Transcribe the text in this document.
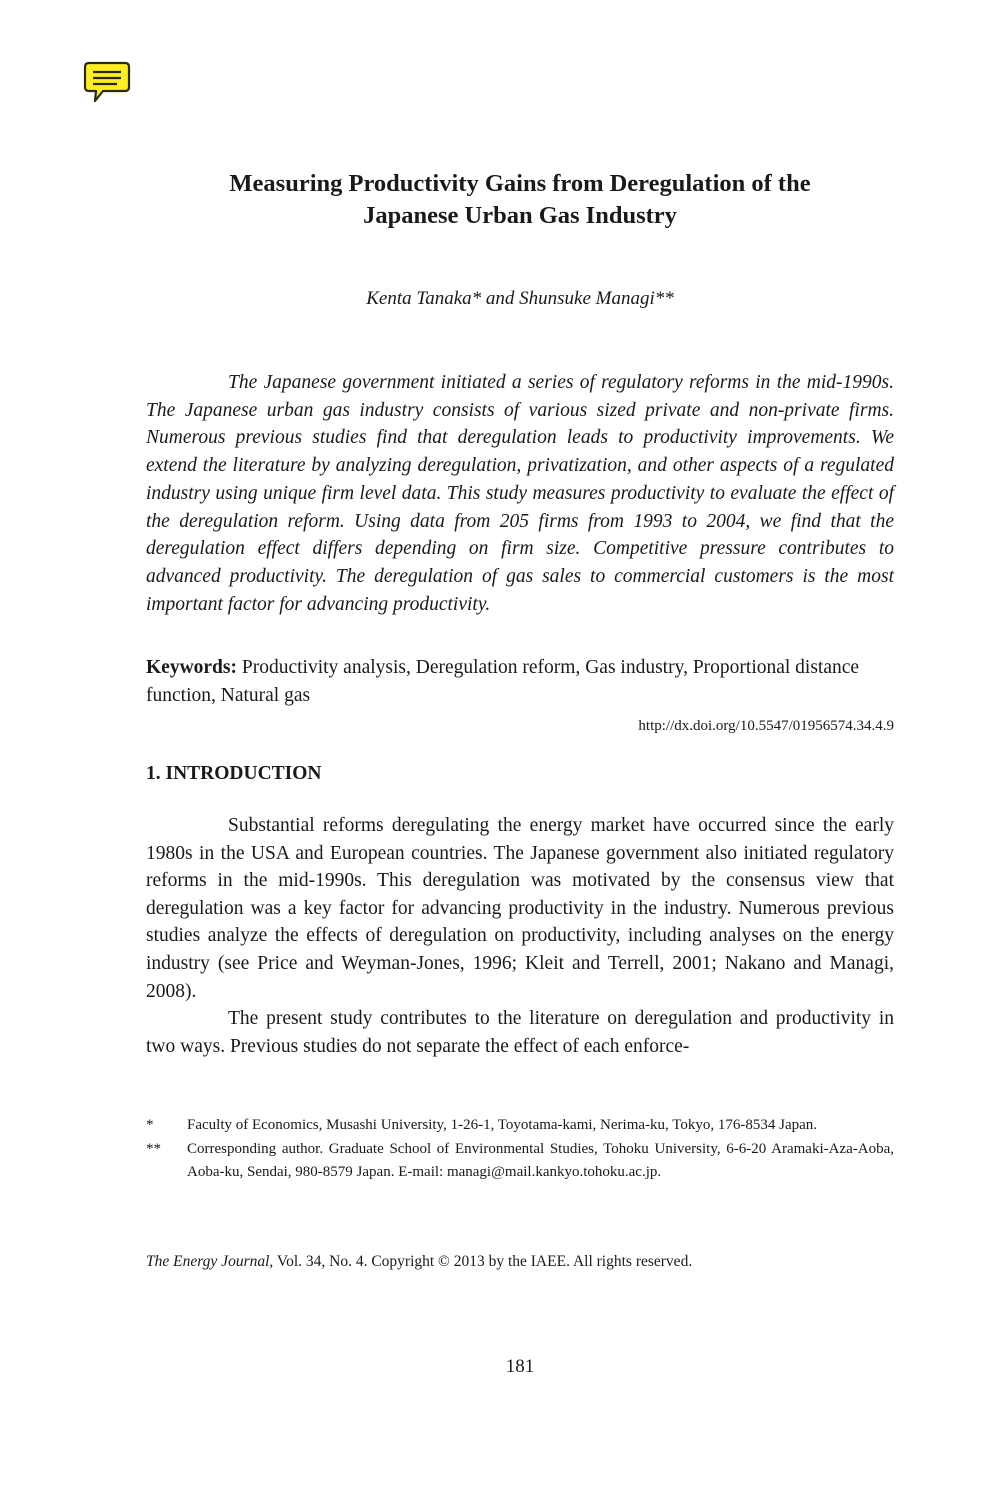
Measuring Productivity Gains from Deregulation of the
Japanese Urban Gas Industry
Kenta Tanaka* and Shunsuke Managi**

The Japanese government initiated a series of regulatory reforms in the mid-1990s. The Japanese urban gas industry consists of various sized private and non-private firms. Numerous previous studies find that deregulation leads to productivity improvements. We extend the literature by analyzing deregulation, privatization, and other aspects of a regulated industry using unique firm level data. This study measures productivity to evaluate the effect of the deregulation reform. Using data from 205 firms from 1993 to 2004, we find that the deregulation effect differs depending on firm size. Competitive pressure contributes to advanced productivity. The deregulation of gas sales to commercial customers is the most important factor for advancing productivity.

Keywords: Productivity analysis, Deregulation reform, Gas industry, Proportional distance function, Natural gas
http://dx.doi.org/10.5547/01956574.34.4.9
1. INTRODUCTION

Substantial reforms deregulating the energy market have occurred since the early 1980s in the USA and European countries. The Japanese government also initiated regulatory reforms in the mid-1990s. This deregulation was motivated by the consensus view that deregulation was a key factor for advancing productivity in the industry. Numerous previous studies analyze the effects of deregulation on productivity, including analyses on the energy industry (see Price and Weyman-Jones, 1996; Kleit and Terrell, 2001; Nakano and Managi, 2008).

The present study contributes to the literature on deregulation and productivity in two ways. Previous studies do not separate the effect of each enforce-

*	Faculty of Economics, Musashi University, 1-26-1, Toyotama-kami, Nerima-ku, Tokyo, 176-8534 Japan.
**	Corresponding author. Graduate School of Environmental Studies, Tohoku University, 6-6-20 Aramaki-Aza-Aoba, Aoba-ku, Sendai, 980-8579 Japan. E-mail: managi@mail.kankyo.tohoku.ac.jp.
The Energy Journal, Vol. 34, No. 4. Copyright © 2013 by the IAEE. All rights reserved.
181
